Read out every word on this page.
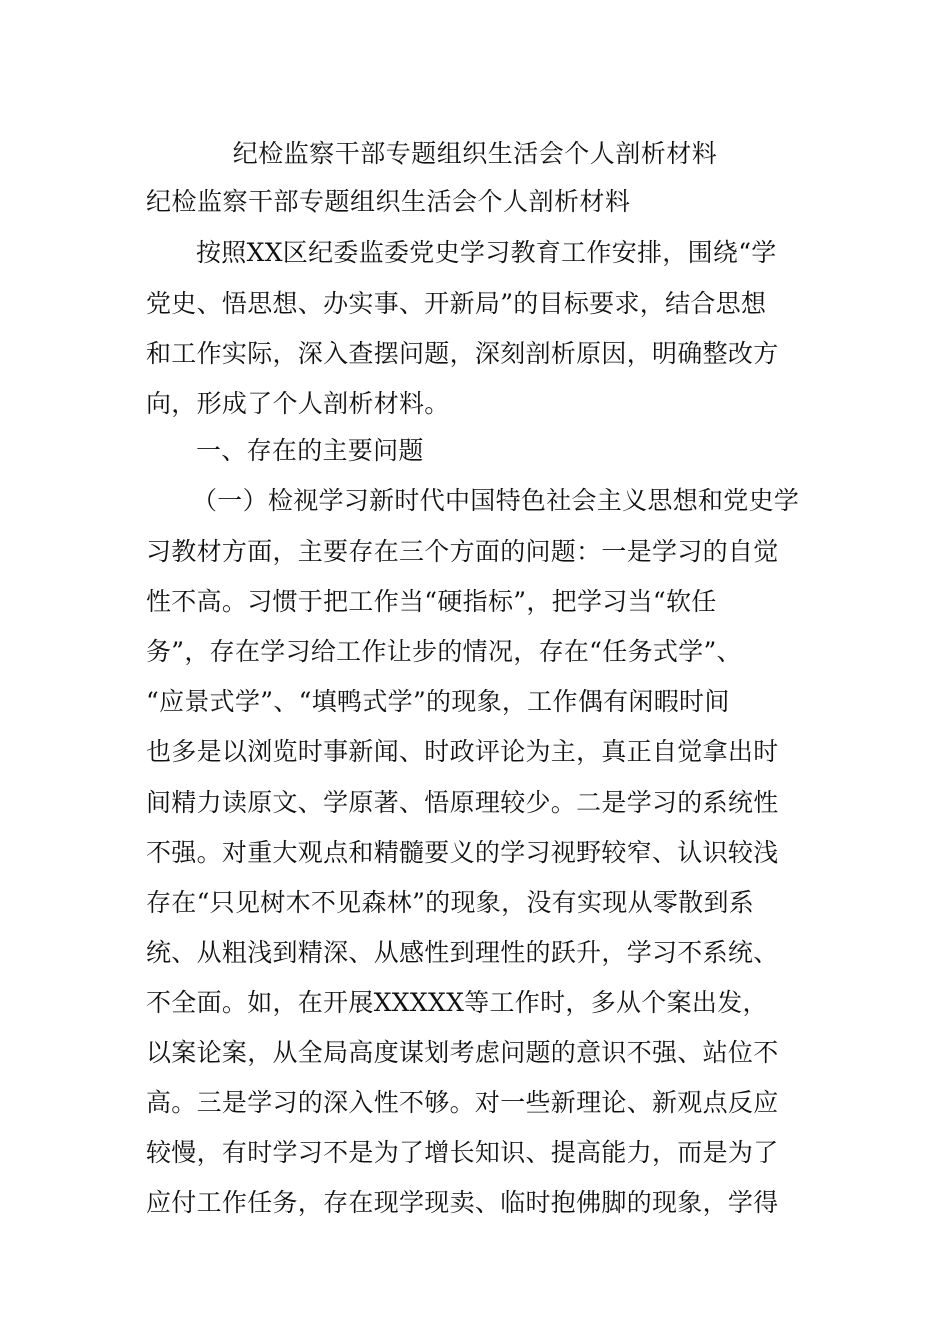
纪检监察干部专题组织生活会个人剖析材料
纪检监察干部专题组织生活会个人剖析材料
按照XX区纪委监委党史学习教育工作安排，围绕“学
党史、悟思想、办实事、开新局”的目标要求，结合思想
和工作实际，深入查摆问题，深刻剖析原因，明确整改方
向，形成了个人剖析材料。
一、存在的主要问题
（一）检视学习新时代中国特色社会主义思想和党史学
习教材方面，主要存在三个方面的问题：一是学习的自觉
性不高。习惯于把工作当“硬指标”，把学习当“软任
务”，存在学习给工作让步的情况，存在“任务式学”、
“应景式学”、“填鸭式学”的现象，工作偶有闲暇时间
也多是以浏览时事新闻、时政评论为主，真正自觉拿出时
间精力读原文、学原著、悟原理较少。二是学习的系统性
不强。对重大观点和精髓要义的学习视野较窄、认识较浅
存在“只见树木不见森林”的现象，没有实现从零散到系
统、从粗浅到精深、从感性到理性的跃升，学习不系统、
不全面。如，在开展XXXXX等工作时，多从个案出发，
以案论案，从全局高度谋划考虑问题的意识不强、站位不
高。三是学习的深入性不够。对一些新理论、新观点反应
较慢，有时学习不是为了增长知识、提高能力，而是为了
应付工作任务，存在现学现卖、临时抱佛脚的现象，学得
